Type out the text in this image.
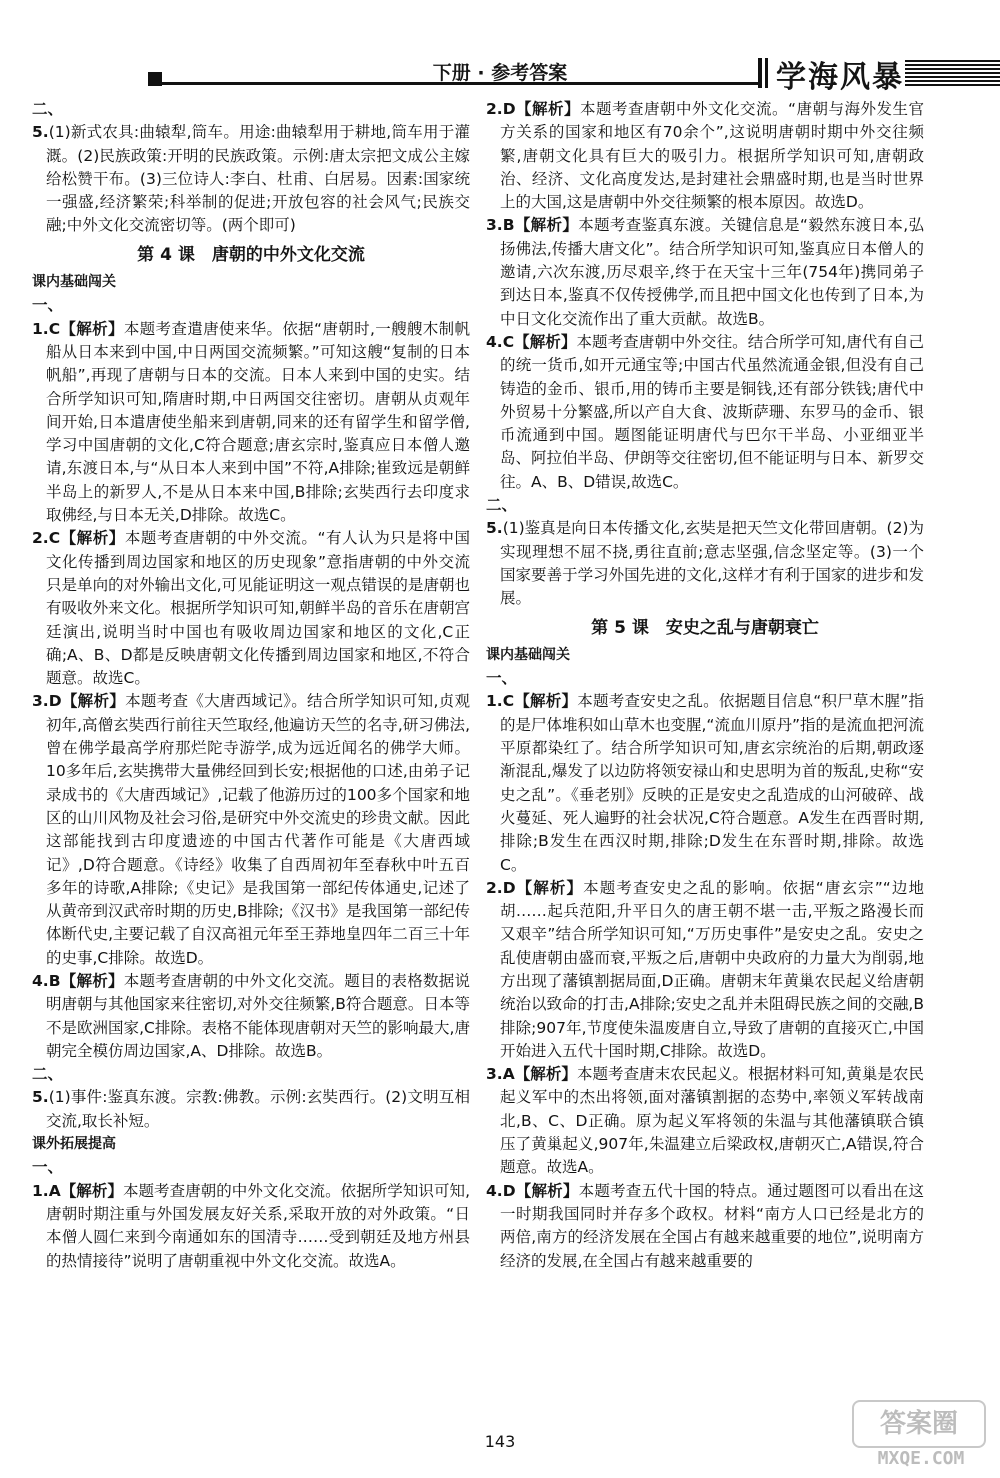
下册 · 参考答案	学海风暴

二、

5.(1)新式农具:曲辕犁,筒车。用途:曲辕犁用于耕地,筒车用于灌溉。(2)民族政策:开明的民族政策。示例:唐太宗把文成公主嫁给松赞干布。(3)三位诗人:李白、杜甫、白居易。因素:国家统一强盛,经济繁荣;科举制的促进;开放包容的社会风气;民族交融;中外文化交流密切等。(两个即可)

第 4 课　唐朝的中外文化交流

课内基础闯关

一、

1.C【解析】本题考查遣唐使来华。依据“唐朝时,一艘艘木制帆船从日本来到中国,中日两国交流频繁。”可知这艘“复制的日本帆船”,再现了唐朝与日本的交流。日本人来到中国的史实。结合所学知识可知,隋唐时期,中日两国交往密切。唐朝从贞观年间开始,日本遣唐使坐船来到唐朝,同来的还有留学生和留学僧,学习中国唐朝的文化,C符合题意;唐玄宗时,鉴真应日本僧人邀请,东渡日本,与“从日本人来到中国”不符,A排除;崔致远是朝鲜半岛上的新罗人,不是从日本来中国,B排除;玄奘西行去印度求取佛经,与日本无关,D排除。故选C。

2.C【解析】本题考查唐朝的中外交流。“有人认为只是将中国文化传播到周边国家和地区的历史现象”意指唐朝的中外交流只是单向的对外输出文化,可见能证明这一观点错误的是唐朝也有吸收外来文化。根据所学知识可知,朝鲜半岛的音乐在唐朝宫廷演出,说明当时中国也有吸收周边国家和地区的文化,C正确;A、B、D都是反映唐朝文化传播到周边国家和地区,不符合题意。故选C。

3.D【解析】本题考查《大唐西域记》。结合所学知识可知,贞观初年,高僧玄奘西行前往天竺取经,他遍访天竺的名寺,研习佛法,曾在佛学最高学府那烂陀寺游学,成为远近闻名的佛学大师。10多年后,玄奘携带大量佛经回到长安;根据他的口述,由弟子记录成书的《大唐西域记》,记载了他游历过的100多个国家和地区的山川风物及社会习俗,是研究中外交流史的珍贵文献。因此这部能找到古印度遗迹的中国古代著作可能是《大唐西域记》,D符合题意。《诗经》收集了自西周初年至春秋中叶五百多年的诗歌,A排除;《史记》是我国第一部纪传体通史,记述了从黄帝到汉武帝时期的历史,B排除;《汉书》是我国第一部纪传体断代史,主要记载了自汉高祖元年至王莽地皇四年二百三十年的史事,C排除。故选D。

4.B【解析】本题考查唐朝的中外文化交流。题目的表格数据说明唐朝与其他国家来往密切,对外交往频繁,B符合题意。日本等不是欧洲国家,C排除。表格不能体现唐朝对天竺的影响最大,唐朝完全模仿周边国家,A、D排除。故选B。

二、

5.(1)事件:鉴真东渡。宗教:佛教。示例:玄奘西行。(2)文明互相交流,取长补短。

课外拓展提高

一、

1.A【解析】本题考查唐朝的中外文化交流。依据所学知识可知,唐朝时期注重与外国发展友好关系,采取开放的对外政策。“日本僧人圆仁来到今南通如东的国清寺……受到朝廷及地方州县的热情接待”说明了唐朝重视中外文化交流。故选A。

2.D【解析】本题考查唐朝中外文化交流。“唐朝与海外发生官方关系的国家和地区有70余个”,这说明唐朝时期中外交往频繁,唐朝文化具有巨大的吸引力。根据所学知识可知,唐朝政治、经济、文化高度发达,是封建社会鼎盛时期,也是当时世界上的大国,这是唐朝中外交往频繁的根本原因。故选D。

3.B【解析】本题考查鉴真东渡。关键信息是“毅然东渡日本,弘扬佛法,传播大唐文化”。结合所学知识可知,鉴真应日本僧人的邀请,六次东渡,历尽艰辛,终于在天宝十三年(754年)携同弟子到达日本,鉴真不仅传授佛学,而且把中国文化也传到了日本,为中日文化交流作出了重大贡献。故选B。

4.C【解析】本题考查唐朝中外交往。结合所学可知,唐代有自己的统一货币,如开元通宝等;中国古代虽然流通金银,但没有自己铸造的金币、银币,用的铸币主要是铜钱,还有部分铁钱;唐代中外贸易十分繁盛,所以产自大食、波斯萨珊、东罗马的金币、银币流通到中国。题图能证明唐代与巴尔干半岛、小亚细亚半岛、阿拉伯半岛、伊朗等交往密切,但不能证明与日本、新罗交往。A、B、D错误,故选C。

二、

5.(1)鉴真是向日本传播文化,玄奘是把天竺文化带回唐朝。(2)为实现理想不屈不挠,勇往直前;意志坚强,信念坚定等。(3)一个国家要善于学习外国先进的文化,这样才有利于国家的进步和发展。

第 5 课　安史之乱与唐朝衰亡

课内基础闯关

一、

1.C【解析】本题考查安史之乱。依据题目信息“积尸草木腥”指的是尸体堆积如山草木也变腥,“流血川原丹”指的是流血把河流平原都染红了。结合所学知识可知,唐玄宗统治的后期,朝政逐渐混乱,爆发了以边防将领安禄山和史思明为首的叛乱,史称“安史之乱”。《垂老别》反映的正是安史之乱造成的山河破碎、战火蔓延、死人遍野的社会状况,C符合题意。A发生在西晋时期,排除;B发生在西汉时期,排除;D发生在东晋时期,排除。故选C。

2.D【解析】本题考查安史之乱的影响。依据“唐玄宗”“边地胡……起兵范阳,升平日久的唐王朝不堪一击,平叛之路漫长而又艰辛”结合所学知识可知,“万历史事件”是安史之乱。安史之乱使唐朝由盛而衰,平叛之后,唐朝中央政府的力量大为削弱,地方出现了藩镇割据局面,D正确。唐朝末年黄巢农民起义给唐朝统治以致命的打击,A排除;安史之乱并未阻碍民族之间的交融,B排除;907年,节度使朱温废唐自立,导致了唐朝的直接灭亡,中国开始进入五代十国时期,C排除。故选D。

3.A【解析】本题考查唐末农民起义。根据材料可知,黄巢是农民起义军中的杰出将领,面对藩镇割据的态势中,率领义军转战南北,B、C、D正确。原为起义军将领的朱温与其他藩镇联合镇压了黄巢起义,907年,朱温建立后梁政权,唐朝灭亡,A错误,符合题意。故选A。

4.D【解析】本题考查五代十国的特点。通过题图可以看出在这一时期我国同时并存多个政权。材料“南方人口已经是北方的两倍,南方的经济发展在全国占有越来越重要的地位”,说明南方经济的发展,在全国占有越来越重要的

143
答案圈
MXQE.COM
